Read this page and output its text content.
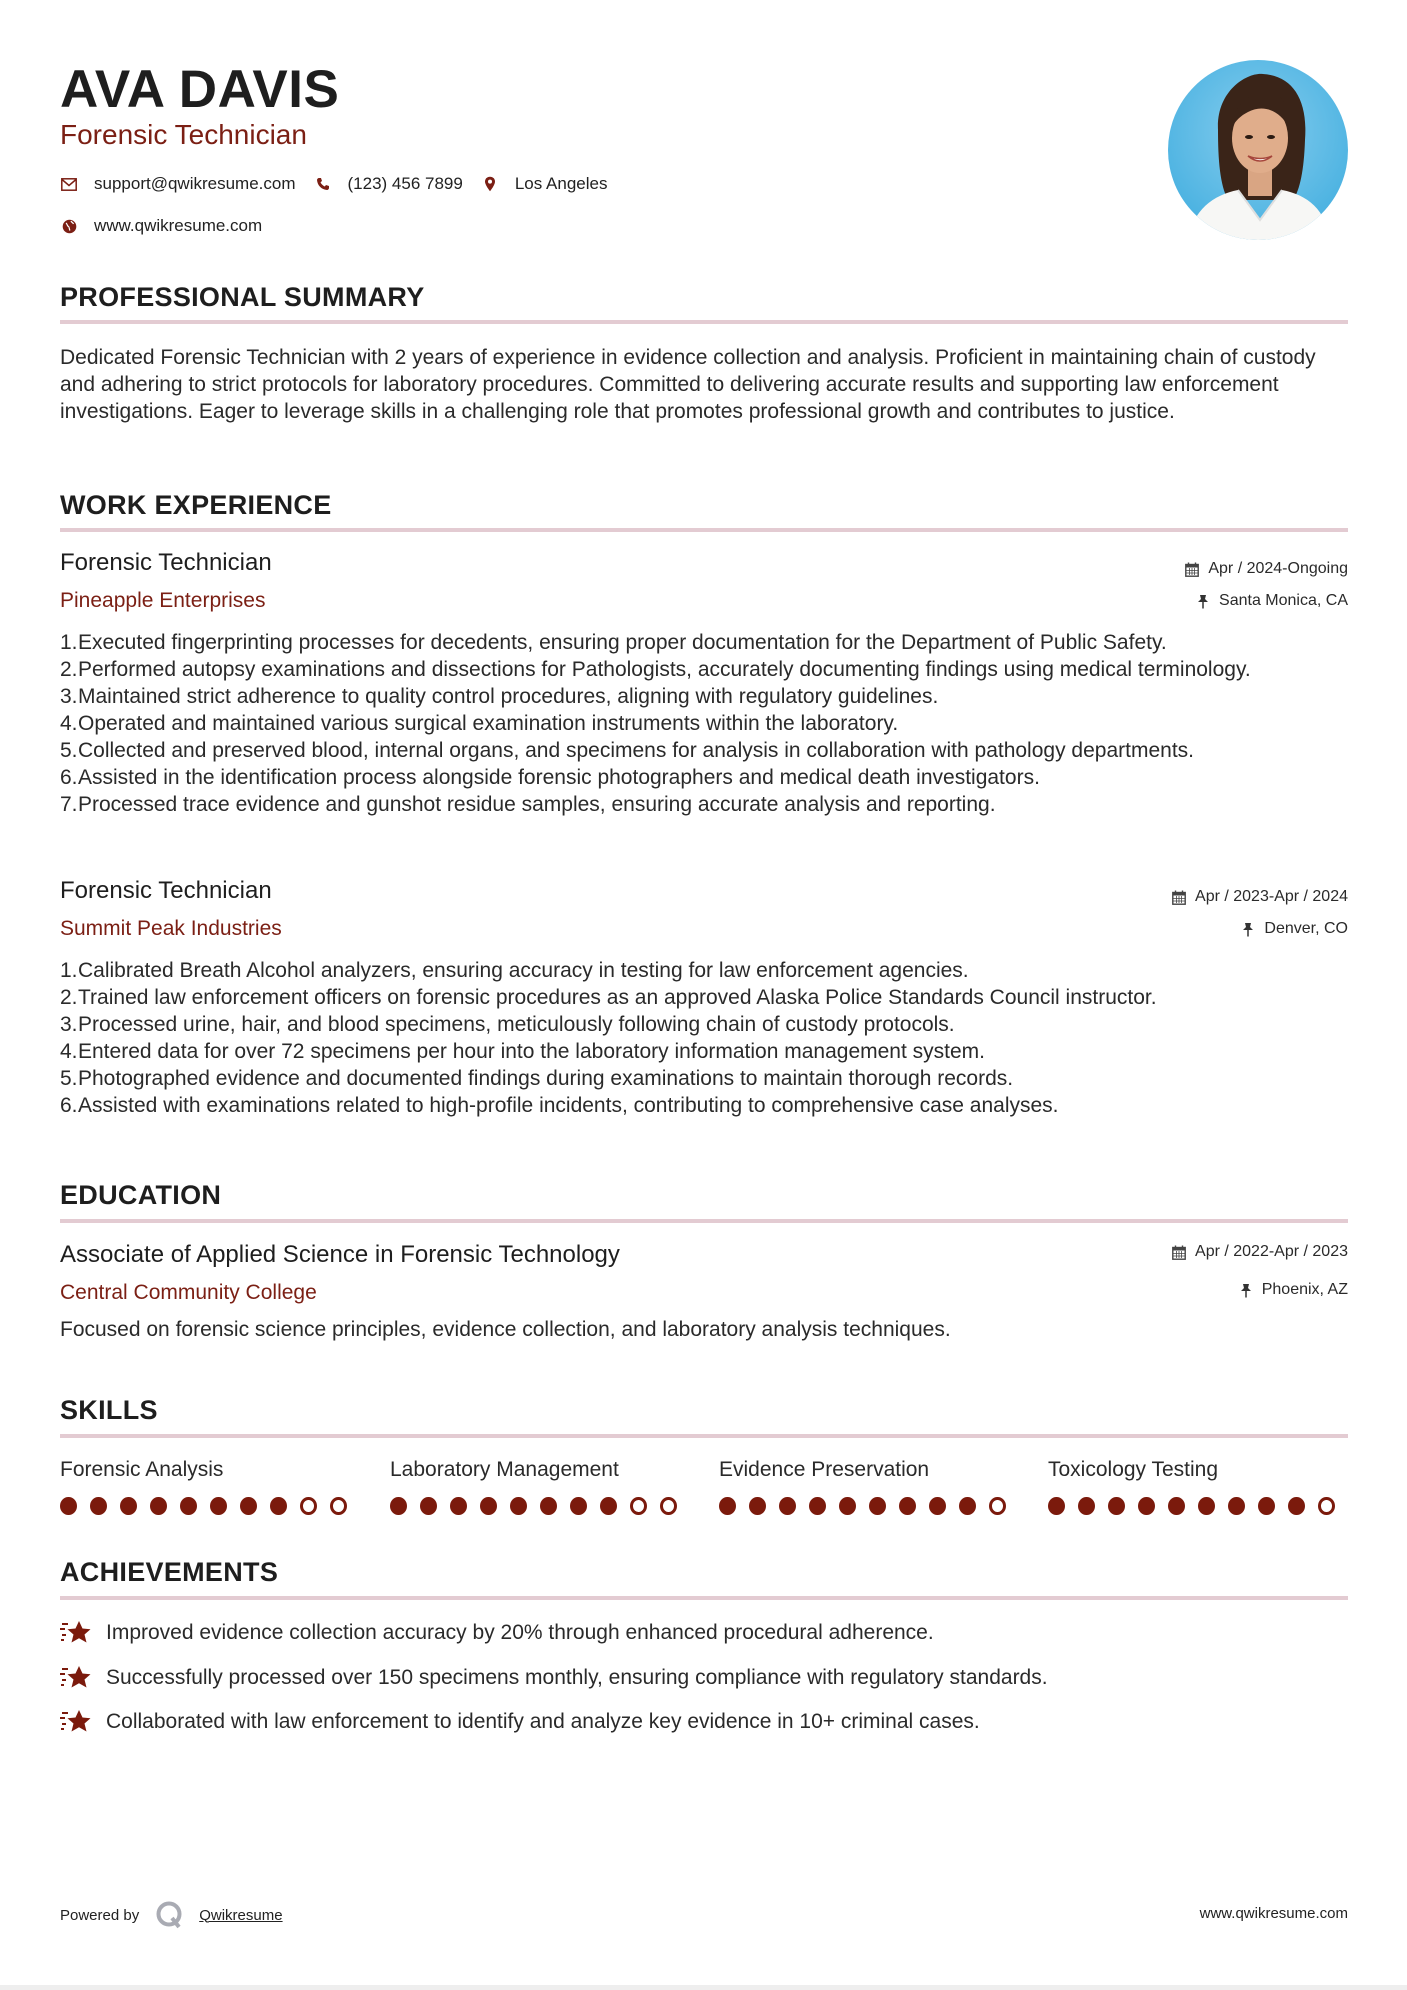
AVA DAVIS
Forensic Technician
support@qwikresume.com	(123) 456 7899	Los Angeles
www.qwikresume.com
PROFESSIONAL SUMMARY
Dedicated Forensic Technician with 2 years of experience in evidence collection and analysis. Proficient in maintaining chain of custody and adhering to strict protocols for laboratory procedures. Committed to delivering accurate results and supporting law enforcement investigations. Eager to leverage skills in a challenging role that promotes professional growth and contributes to justice.
WORK EXPERIENCE
Forensic Technician
Pineapple Enterprises
Apr / 2024-Ongoing
Santa Monica, CA
1. Executed fingerprinting processes for decedents, ensuring proper documentation for the Department of Public Safety.
2. Performed autopsy examinations and dissections for Pathologists, accurately documenting findings using medical terminology.
3. Maintained strict adherence to quality control procedures, aligning with regulatory guidelines.
4. Operated and maintained various surgical examination instruments within the laboratory.
5. Collected and preserved blood, internal organs, and specimens for analysis in collaboration with pathology departments.
6. Assisted in the identification process alongside forensic photographers and medical death investigators.
7. Processed trace evidence and gunshot residue samples, ensuring accurate analysis and reporting.
Forensic Technician
Summit Peak Industries
Apr / 2023-Apr / 2024
Denver, CO
1. Calibrated Breath Alcohol analyzers, ensuring accuracy in testing for law enforcement agencies.
2. Trained law enforcement officers on forensic procedures as an approved Alaska Police Standards Council instructor.
3. Processed urine, hair, and blood specimens, meticulously following chain of custody protocols.
4. Entered data for over 72 specimens per hour into the laboratory information management system.
5. Photographed evidence and documented findings during examinations to maintain thorough records.
6. Assisted with examinations related to high-profile incidents, contributing to comprehensive case analyses.
EDUCATION
Associate of Applied Science in Forensic Technology
Central Community College
Apr / 2022-Apr / 2023
Phoenix, AZ
Focused on forensic science principles, evidence collection, and laboratory analysis techniques.
SKILLS
Forensic Analysis	Laboratory Management	Evidence Preservation	Toxicology Testing
ACHIEVEMENTS
Improved evidence collection accuracy by 20% through enhanced procedural adherence.
Successfully processed over 150 specimens monthly, ensuring compliance with regulatory standards.
Collaborated with law enforcement to identify and analyze key evidence in 10+ criminal cases.
Powered by	Qwikresume	www.qwikresume.com
